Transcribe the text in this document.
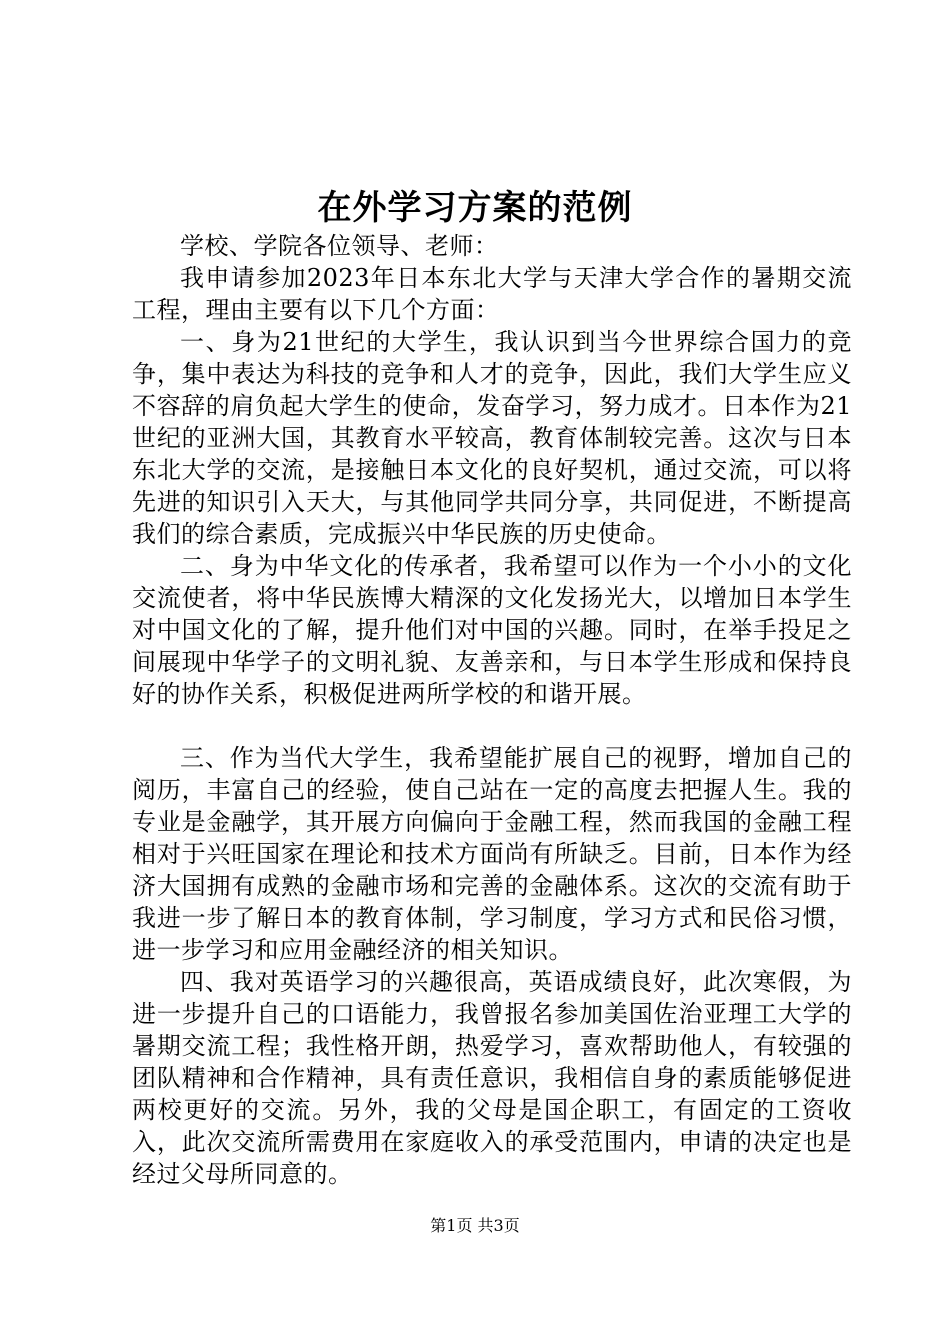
在外学习方案的范例

学校、学院各位领导、老师：

我申请参加2023年日本东北大学与天津大学合作的暑期交流工程，理由主要有以下几个方面：

一、身为21世纪的大学生，我认识到当今世界综合国力的竞争，集中表达为科技的竞争和人才的竞争，因此，我们大学生应义不容辞的肩负起大学生的使命，发奋学习，努力成才。日本作为21世纪的亚洲大国，其教育水平较高，教育体制较完善。这次与日本东北大学的交流，是接触日本文化的良好契机，通过交流，可以将先进的知识引入天大，与其他同学共同分享，共同促进，不断提高我们的综合素质，完成振兴中华民族的历史使命。

二、身为中华文化的传承者，我希望可以作为一个小小的文化交流使者，将中华民族博大精深的文化发扬光大，以增加日本学生对中国文化的了解，提升他们对中国的兴趣。同时，在举手投足之间展现中华学子的文明礼貌、友善亲和，与日本学生形成和保持良好的协作关系，积极促进两所学校的和谐开展。

三、作为当代大学生，我希望能扩展自己的视野，增加自己的阅历，丰富自己的经验，使自己站在一定的高度去把握人生。我的专业是金融学，其开展方向偏向于金融工程，然而我国的金融工程相对于兴旺国家在理论和技术方面尚有所缺乏。目前，日本作为经济大国拥有成熟的金融市场和完善的金融体系。这次的交流有助于我进一步了解日本的教育体制，学习制度，学习方式和民俗习惯，进一步学习和应用金融经济的相关知识。

四、我对英语学习的兴趣很高，英语成绩良好，此次寒假，为进一步提升自己的口语能力，我曾报名参加美国佐治亚理工大学的暑期交流工程；我性格开朗，热爱学习，喜欢帮助他人，有较强的团队精神和合作精神，具有责任意识，我相信自身的素质能够促进两校更好的交流。另外，我的父母是国企职工，有固定的工资收入，此次交流所需费用在家庭收入的承受范围内，申请的决定也是经过父母所同意的。

第1页 共3页
